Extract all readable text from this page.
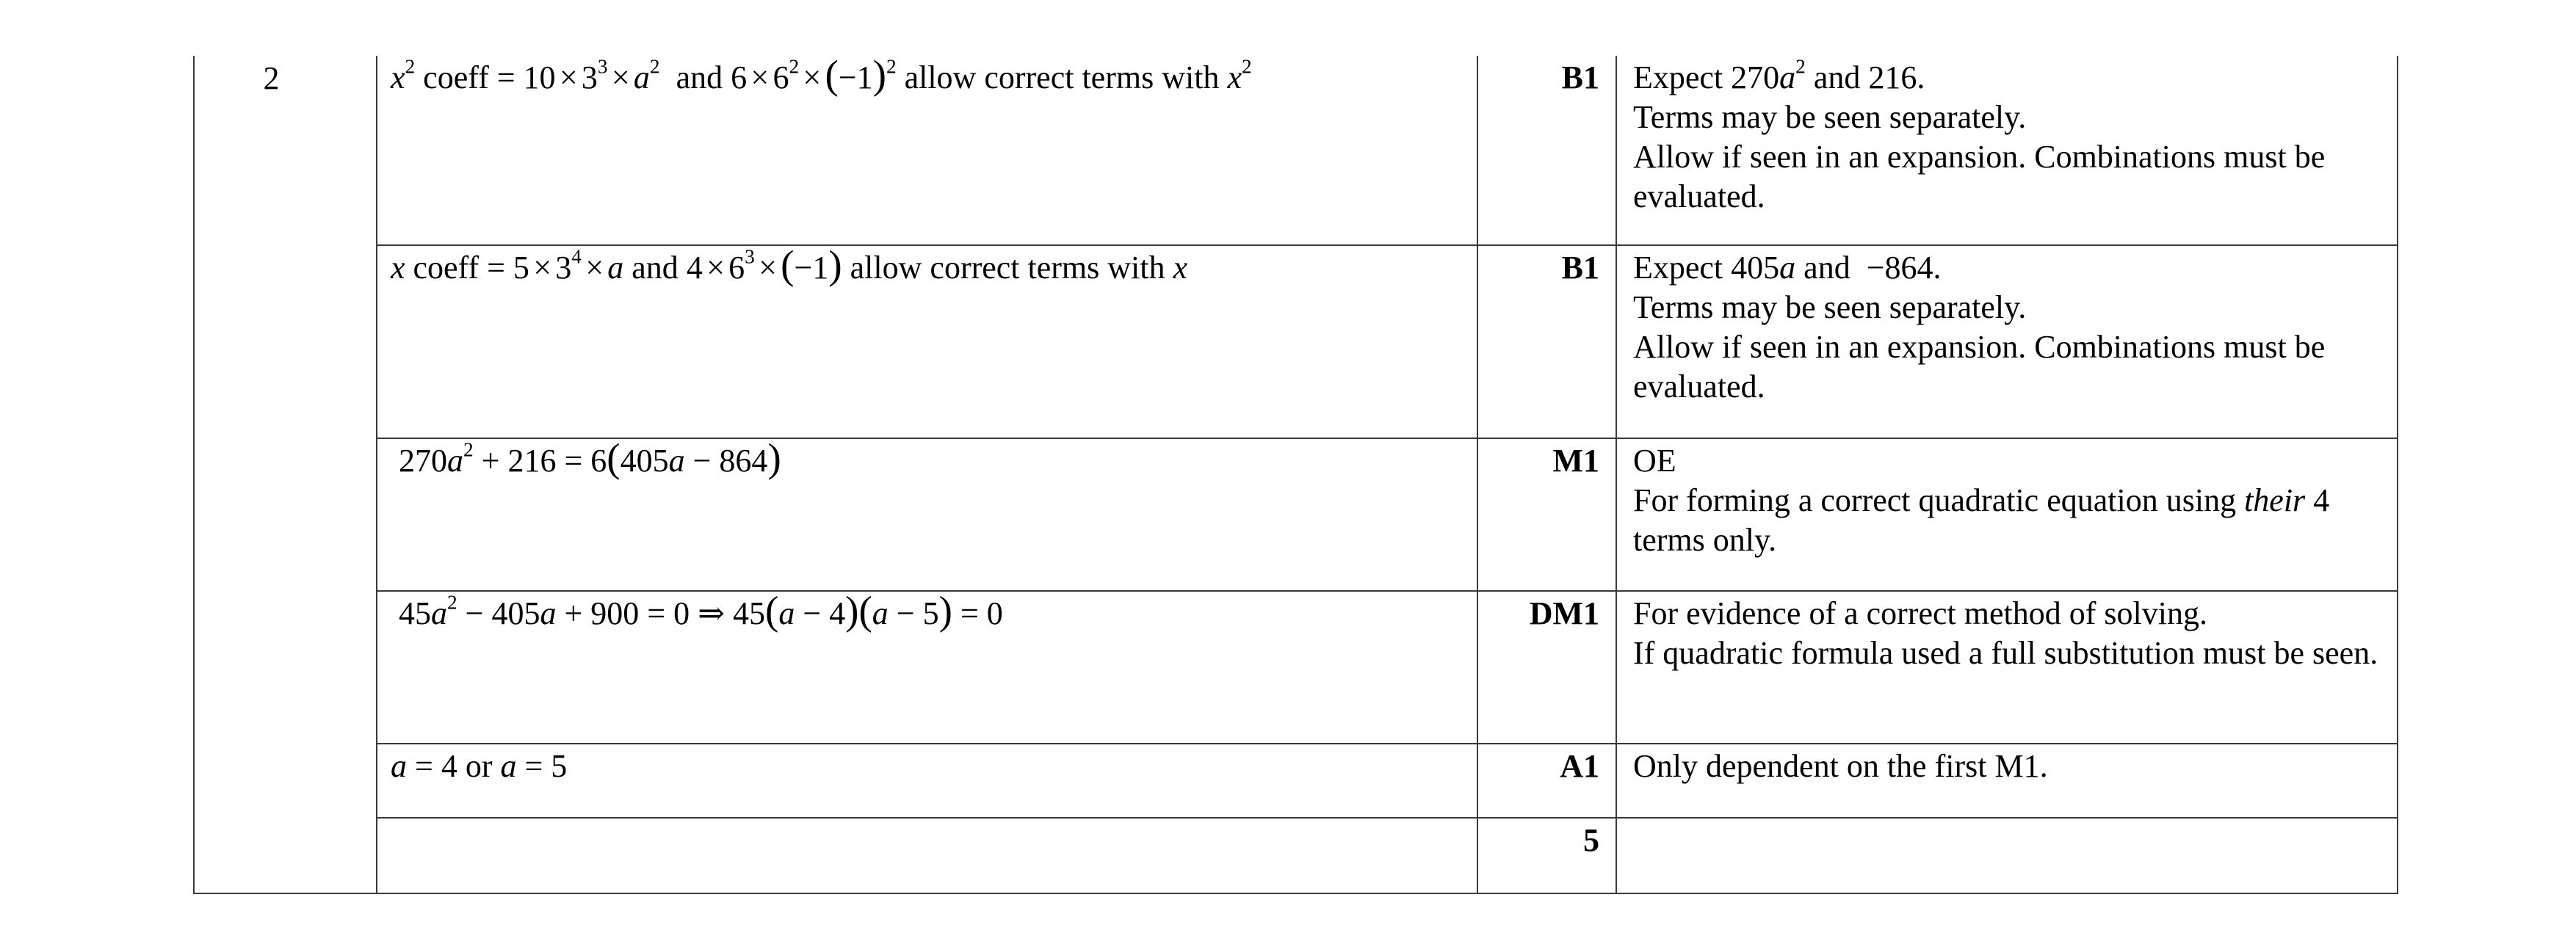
2	$x^2$ coeff = $10 \times 3^3 \times a^2$ and $6 \times 6^2 \times(-1)^2$ allow correct terms with $x^2$	B1	Expect $270a^2$ and 216.
Terms may be seen separately.
Allow if seen in an expansion. Combinations must be evaluated.

	x coeff = $5 \times 3^4 \times a$ and $4 \times 6^3 \times(-1)$ allow correct terms with x	B1	Expect 405a and −864.
Terms may be seen separately.
Allow if seen in an expansion. Combinations must be evaluated.

	$270a^2 + 216 = 6(405a - 864)$	M1	OE
For forming a correct quadratic equation using their 4 terms only.

	$45a^2 - 405a + 900 = 0$ ⇒ 45(a − 4)(a − 5) = 0	DM1	For evidence of a correct method of solving.
If quadratic formula used a full substitution must be seen.

	a = 4 or a = 5	A1	Only dependent on the first M1.

		5	
